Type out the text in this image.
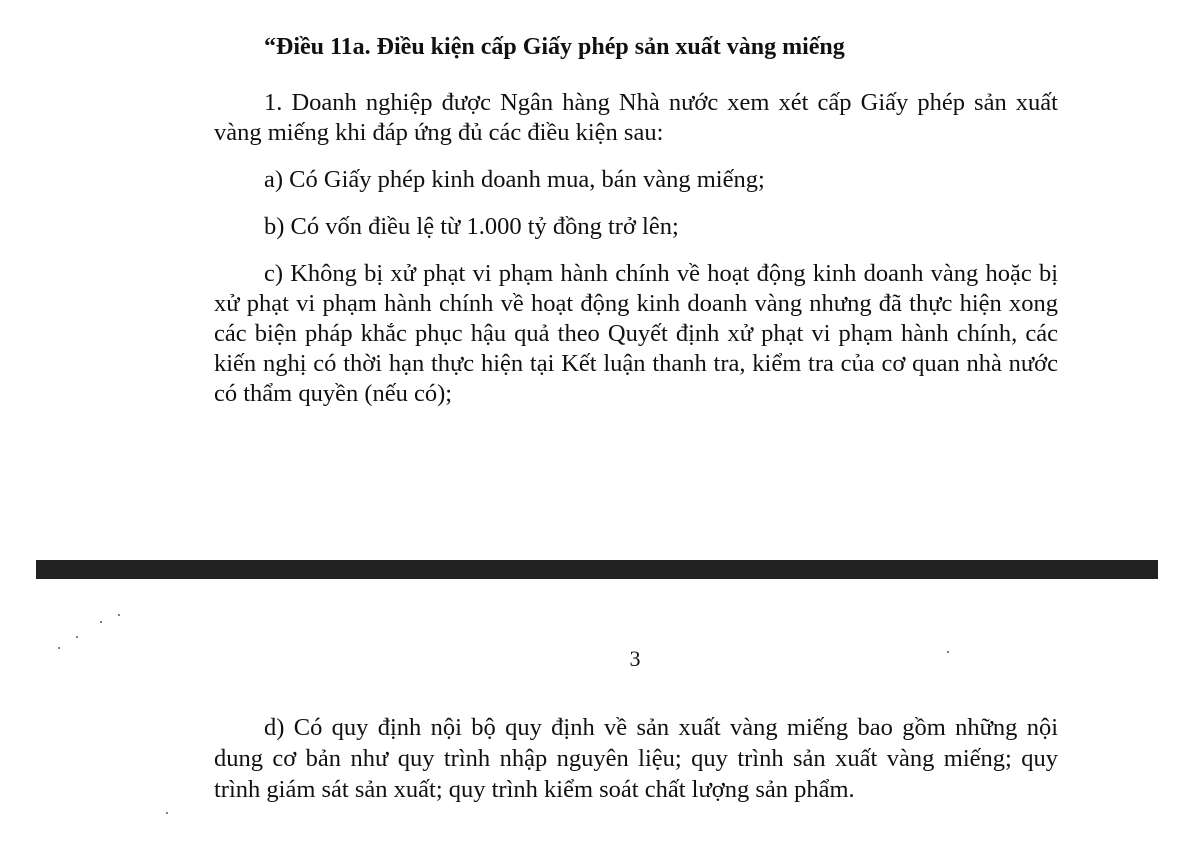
“Điều 11a. Điều kiện cấp Giấy phép sản xuất vàng miếng

1. Doanh nghiệp được Ngân hàng Nhà nước xem xét cấp Giấy phép sản xuất vàng miếng khi đáp ứng đủ các điều kiện sau:

a) Có Giấy phép kinh doanh mua, bán vàng miếng;

b) Có vốn điều lệ từ 1.000 tỷ đồng trở lên;

c) Không bị xử phạt vi phạm hành chính về hoạt động kinh doanh vàng hoặc bị xử phạt vi phạm hành chính về hoạt động kinh doanh vàng nhưng đã thực hiện xong các biện pháp khắc phục hậu quả theo Quyết định xử phạt vi phạm hành chính, các kiến nghị có thời hạn thực hiện tại Kết luận thanh tra, kiểm tra của cơ quan nhà nước có thẩm quyền (nếu có);

3

d) Có quy định nội bộ quy định về sản xuất vàng miếng bao gồm những nội dung cơ bản như quy trình nhập nguyên liệu; quy trình sản xuất vàng miếng; quy trình giám sát sản xuất; quy trình kiểm soát chất lượng sản phẩm.
